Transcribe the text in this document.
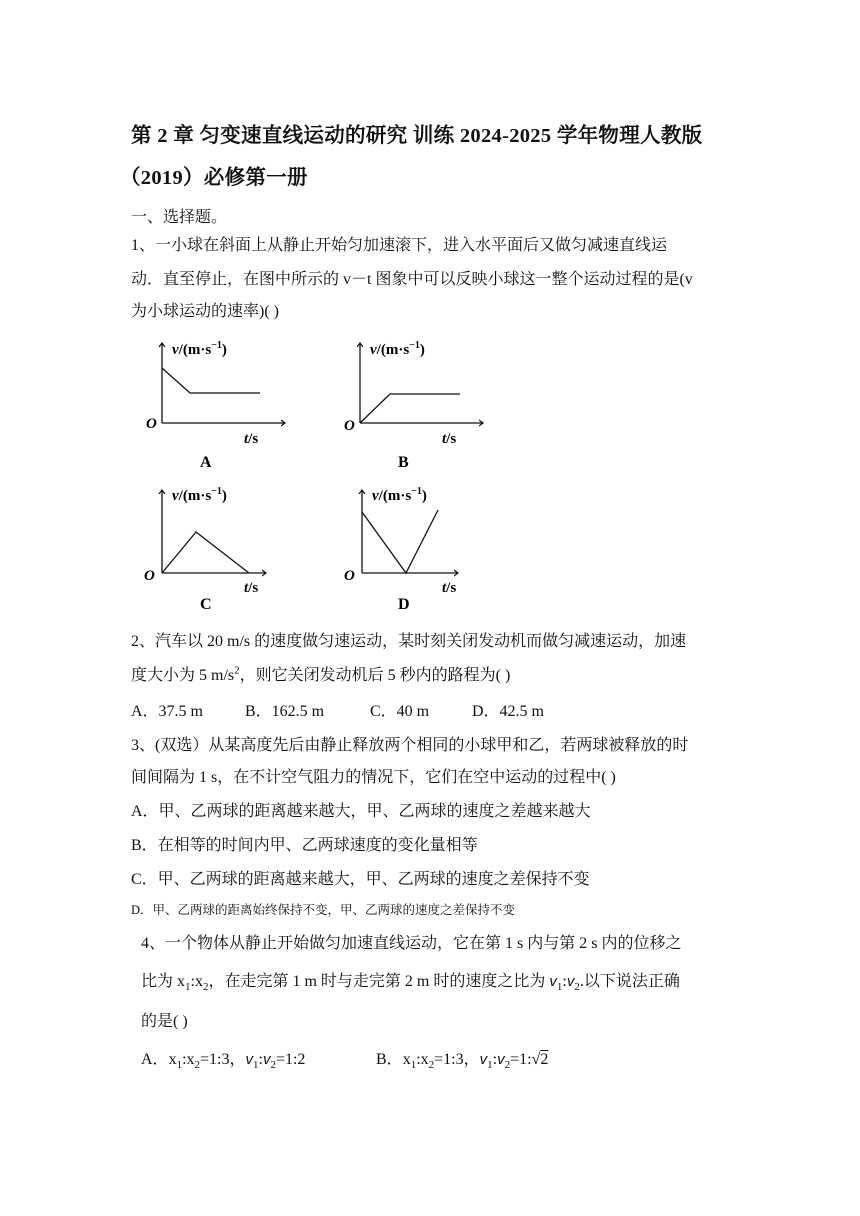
第 2 章 匀变速直线运动的研究 训练 2024-2025 学年物理人教版
（2019）必修第一册
一、选择题。
1、一小球在斜面上从静止开始匀加速滚下，进入水平面后又做匀减速直线运
动．直至停止，在图中所示的 v－t 图象中可以反映小球这一整个运动过程的是(v
为小球运动的速率)( )
$v/(m\cdot s^{-1})$
O
t/s
A
$v/(m\cdot s^{-1})$
O
t/s
B
$v/(m\cdot s^{-1})$
O
t/s
C
$v/(m\cdot s^{-1})$
O
t/s
D
2、汽车以 20 m/s 的速度做匀速运动，某时刻关闭发动机而做匀减速运动，加速
度大小为 5 $m/s^2$，则它关闭发动机后 5 秒内的路程为( )
A．37.5 m	B．162.5 m	C．40 m	D．42.5 m
3、(双选）从某高度先后由静止释放两个相同的小球甲和乙，若两球被释放的时
间间隔为 1 s，在不计空气阻力的情况下，它们在空中运动的过程中( )
A．甲、乙两球的距离越来越大，甲、乙两球的速度之差越来越大
B．在相等的时间内甲、乙两球速度的变化量相等
C．甲、乙两球的距离越来越大，甲、乙两球的速度之差保持不变
D．甲、乙两球的距离始终保持不变，甲、乙两球的速度之差保持不变
4、一个物体从静止开始做匀加速直线运动，它在第 1 s 内与第 2 s 内的位移之
比为 $x_1:x_2$，在走完第 1 m 时与走完第 2 m 时的速度之比为 $v_1:v_2$.以下说法正确
的是( )
A．$x_1:x_2=1:3$，$v_1:v_2=1:2$	B．$x_1:x_2=1:3$，$v_1:v_2=1:√2$
